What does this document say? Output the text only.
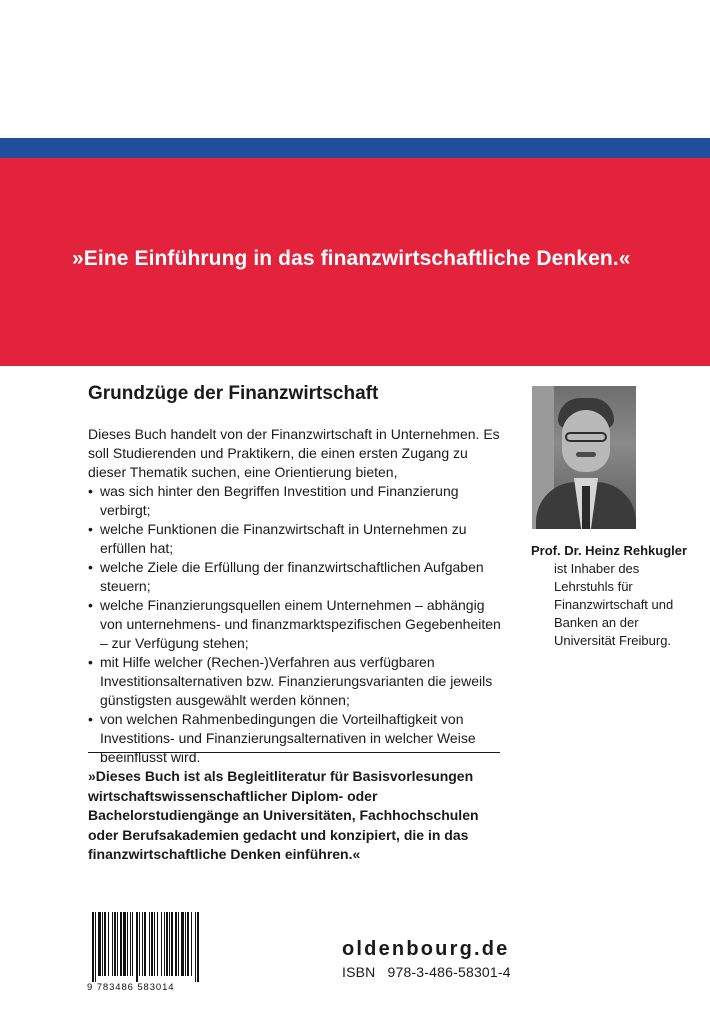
»Eine Einführung in das finanzwirtschaftliche Denken.«
Grundzüge der Finanzwirtschaft

Dieses Buch handelt von der Finanzwirtschaft in Unternehmen. Es soll Studierenden und Praktikern, die einen ersten Zugang zu dieser Thematik suchen, eine Orientierung bieten,

• was sich hinter den Begriffen Investition und Finanzierung verbirgt;
• welche Funktionen die Finanzwirtschaft in Unternehmen zu erfüllen hat;
• welche Ziele die Erfüllung der finanzwirtschaftlichen Aufgaben steuern;
• welche Finanzierungsquellen einem Unternehmen – abhängig von unternehmens- und finanzmarktspezifischen Gegebenheiten – zur Verfügung stehen;
• mit Hilfe welcher (Rechen-)Verfahren aus verfügbaren Investitionsalternativen bzw. Finanzierungsvarianten die jeweils günstigsten ausgewählt werden können;
• von welchen Rahmenbedingungen die Vorteilhaftigkeit von Investitions- und Finanzierungsalternativen in welcher Weise beeinflusst wird.
»Dieses Buch ist als Begleitliteratur für Basisvorlesungen wirtschaftswissenschaftlicher Diplom- oder Bachelorstudiengänge an Universitäten, Fachhochschulen oder Berufsakademien gedacht und konzipiert, die in das finanzwirtschaftliche Denken einführen.«
Prof. Dr. Heinz Rehkugler
ist Inhaber des Lehrstuhls für Finanzwirtschaft und Banken an der Universität Freiburg.
9 783486 583014
oldenbourg.de
ISBN 978-3-486-58301-4
